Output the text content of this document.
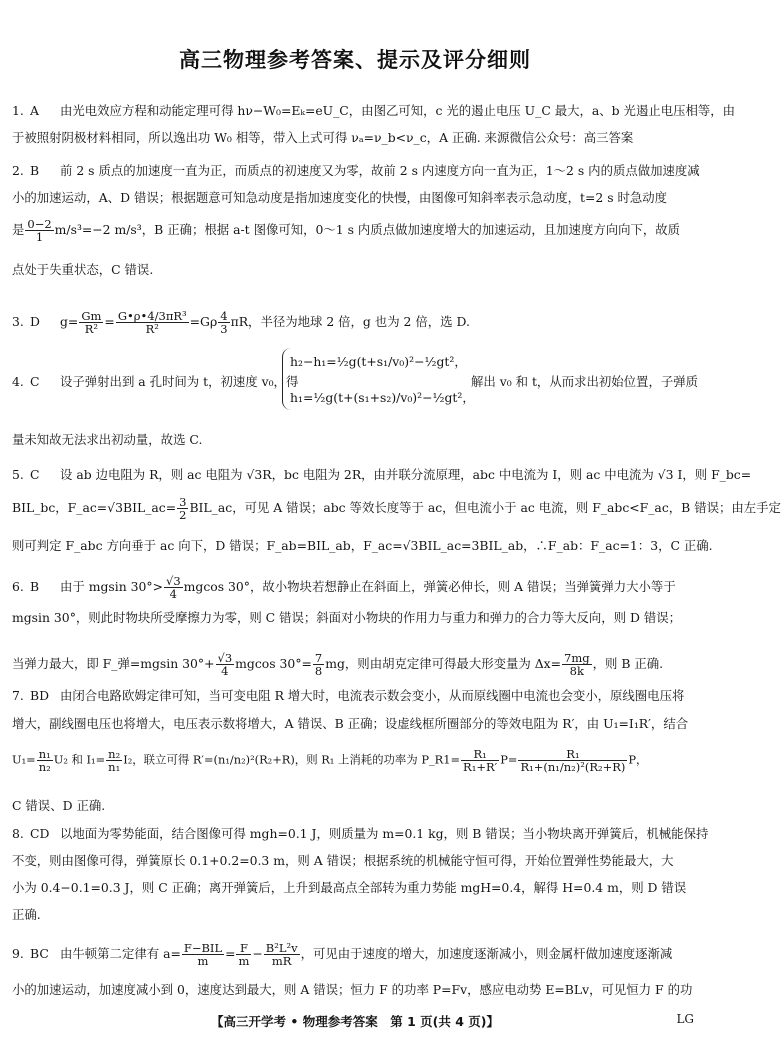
高三物理参考答案、提示及评分细则
1. A 由光电效应方程和动能定理可得 hν−W₀=Eₖ=eU_C，由图乙可知，c 光的遏止电压 U_C 最大，a、b 光遏止电压相等，由
于被照射阴极材料相同，所以逸出功 W₀ 相等，带入上式可得 νₐ=ν_b<ν_c，A 正确. 来源微信公众号：高三答案
2. B 前 2 s 质点的加速度一直为正，而质点的初速度又为零，故前 2 s 内速度方向一直为正，1～2 s 内的质点做加速度减
小的加速运动，A、D 错误；根据题意可知急动度是指加速度变化的快慢，由图像可知斜率表示急动度，t=2 s 时急动度
是 $\frac{0-2}{1} m/s^3=-2$ m/s³，B 正确；根据 a-t 图像可知，0～1 s 内质点做加速度增大的加速运动，且加速度方向向下，故质
点处于失重状态，C 错误.
3. D $g= \frac{Gm}{\text{R²}} = \frac{\text{G•ρ•4/3πR³}}{\text{R²}} =G\rho \frac{4}{3}$ πR，半径为地球 2 倍，g 也为 2 倍，选 D.
4. C 设子弹射出到 a 孔时间为 t，初速度 v₀，得
h₂−h₁=½g(t+s₁/v₀)²−½gt²，
h₁=½g(t+(s₁+s₂)/v₀)²−½gt²，
解出 v₀ 和 t，从而求出初始位置，子弹质
量未知故无法求出初动量，故选 C.
5. C 设 ab 边电阻为 R，则 ac 电阻为 √3R，bc 电阻为 2R，由并联分流原理，abc 中电流为 I，则 ac 中电流为 √3 I，则 F_bc=
BIL_bc，F_ac=√3BIL_ac= $\frac{3}{2}$ BIL_ac，可见 A 错误；abc 等效长度等于 ac，但电流小于 ac 电流，则 F_abc<F_ac，B 错误；由左手定
则可判定 F_abc 方向垂于 ac 向下，D 错误；F_ab=BIL_ab，F_ac=√3BIL_ac=3BIL_ab，∴F_ab：F_ac=1：3，C 正确.
6. B 由于 mgsin $30^\circ> \frac{√3}{4}$ mgcos 30°，故小物块若想静止在斜面上，弹簧必伸长，则 A 错误；当弹簧弹力大小等于
mgsin 30°，则此时物块所受摩擦力为零，则 C 错误；斜面对小物块的作用力与重力和弹力的合力等大反向，则 D 错误；
当弹力最大，即 F_弹=mgsin $30^\circ+ \frac{√3}{4}$ mgcos $30^\circ= \frac{7}{8}$ mg，则由胡克定律可得最大形变量为 $\Delta x= \frac{7mg}{8k}$ ，则 B 正确.
7. BD 由闭合电路欧姆定律可知，当可变电阻 R 增大时，电流表示数会变小，从而原线圈中电流也会变小，原线圈电压将
增大，副线圈电压也将增大，电压表示数将增大，A 错误、B 正确；设虚线框所圈部分的等效电阻为 R′，由 U₁=I₁R′，结合
$U_1= \frac{\text{n₁}}{\text{n₂}} U_2$ 和 $I_1= \frac{\text{n₂}}{\text{n₁}} I_2$，联立可得 R′=(n₁/n₂)²(R₂+R)，则 R₁ 上消耗的功率为 P_R1= $\frac{\text{R₁}}{\text{R₁+R′}} P= \frac{\text{R₁}}{\text{R₁+(n₁/n₂)²(R₂+R)}}$ P，
C 错误、D 正确.
8. CD 以地面为零势能面，结合图像可得 mgh=0.1 J，则质量为 m=0.1 kg，则 B 错误；当小物块离开弹簧后，机械能保持
不变，则由图像可得，弹簧原长 0.1+0.2=0.3 m，则 A 错误；根据系统的机械能守恒可得，开始位置弹性势能最大，大
小为 0.4−0.1=0.3 J，则 C 正确；离开弹簧后，上升到最高点全部转为重力势能 mgH=0.4，解得 H=0.4 m，则 D 错误
正确.
9. BC 由牛顿第二定律有 $a= \frac{\text{F−BIL}}{m} = \frac{F}{m} - \frac{\text{B²L²v}}{mR}$ ，可见由于速度的增大，加速度逐渐减小，则金属杆做加速度逐渐减
小的加速运动，加速度减小到 0，速度达到最大，则 A 错误；恒力 F 的功率 P=Fv，感应电动势 E=BLv，可见恒力 F 的功
【高三开学考 • 物理参考答案　第 1 页(共 4 页)】	LG
